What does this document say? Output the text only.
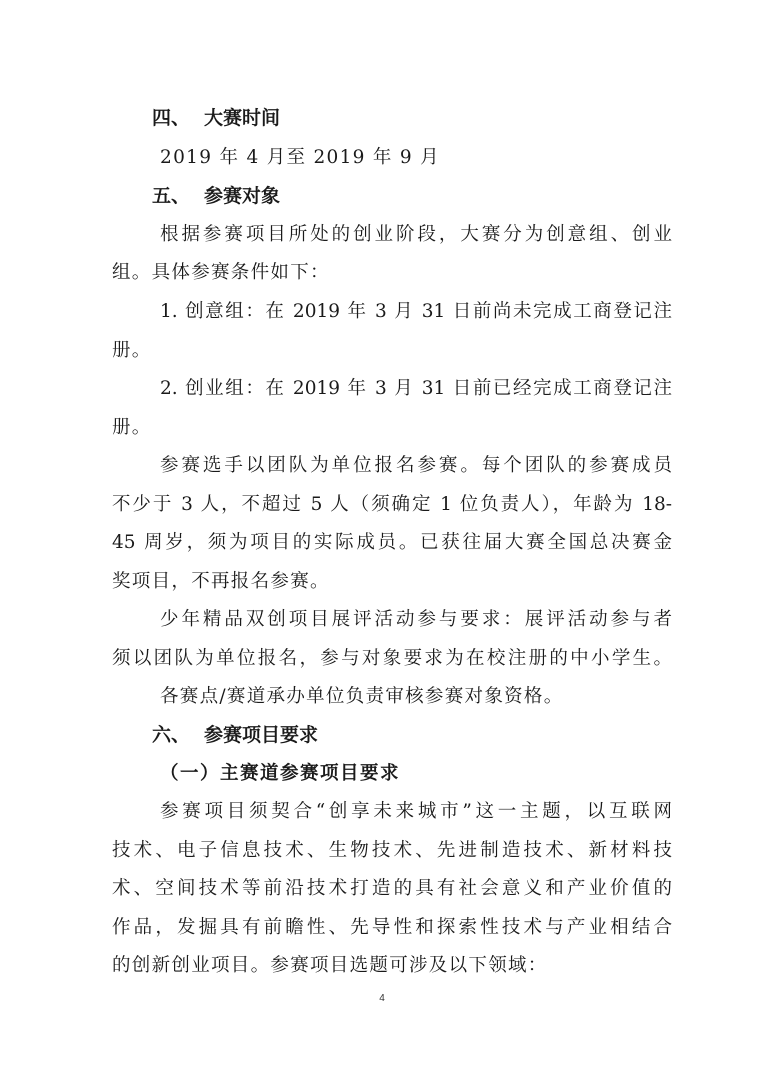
四、 大赛时间
2019 年 4 月至 2019 年 9 月
五、 参赛对象
根据参赛项目所处的创业阶段，大赛分为创意组、创业
组。具体参赛条件如下：
1. 创意组：在 2019 年 3 月 31 日前尚未完成工商登记注
册。
2. 创业组：在 2019 年 3 月 31 日前已经完成工商登记注
册。
参赛选手以团队为单位报名参赛。每个团队的参赛成员
不少于 3 人，不超过 5 人（须确定 1 位负责人），年龄为 18-
45 周岁，须为项目的实际成员。已获往届大赛全国总决赛金
奖项目，不再报名参赛。
少年精品双创项目展评活动参与要求：展评活动参与者
须以团队为单位报名，参与对象要求为在校注册的中小学生。
各赛点/赛道承办单位负责审核参赛对象资格。
六、 参赛项目要求
（一）主赛道参赛项目要求
参赛项目须契合“创享未来城市”这一主题，以互联网
技术、电子信息技术、生物技术、先进制造技术、新材料技
术、空间技术等前沿技术打造的具有社会意义和产业价值的
作品，发掘具有前瞻性、先导性和探索性技术与产业相结合
的创新创业项目。参赛项目选题可涉及以下领域：
4
